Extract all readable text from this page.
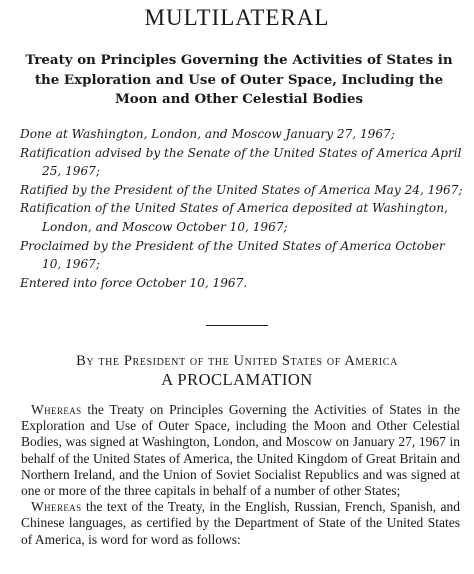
MULTILATERAL
Treaty on Principles Governing the Activities of States in the Exploration and Use of Outer Space, Including the Moon and Other Celestial Bodies
Done at Washington, London, and Moscow January 27, 1967;
Ratification advised by the Senate of the United States of America April 25, 1967;
Ratified by the President of the United States of America May 24, 1967;
Ratification of the United States of America deposited at Washington, London, and Moscow October 10, 1967;
Proclaimed by the President of the United States of America October 10, 1967;
Entered into force October 10, 1967.

By the President of the United States of America

A PROCLAMATION

Whereas the Treaty on Principles Governing the Activities of States in the Exploration and Use of Outer Space, including the Moon and Other Celestial Bodies, was signed at Washington, London, and Moscow on January 27, 1967 in behalf of the United States of America, the United Kingdom of Great Britain and Northern Ireland, and the Union of Soviet Socialist Republics and was signed at one or more of the three capitals in behalf of a number of other States;

Whereas the text of the Treaty, in the English, Russian, French, Spanish, and Chinese languages, as certified by the Department of State of the United States of America, is word for word as follows:
